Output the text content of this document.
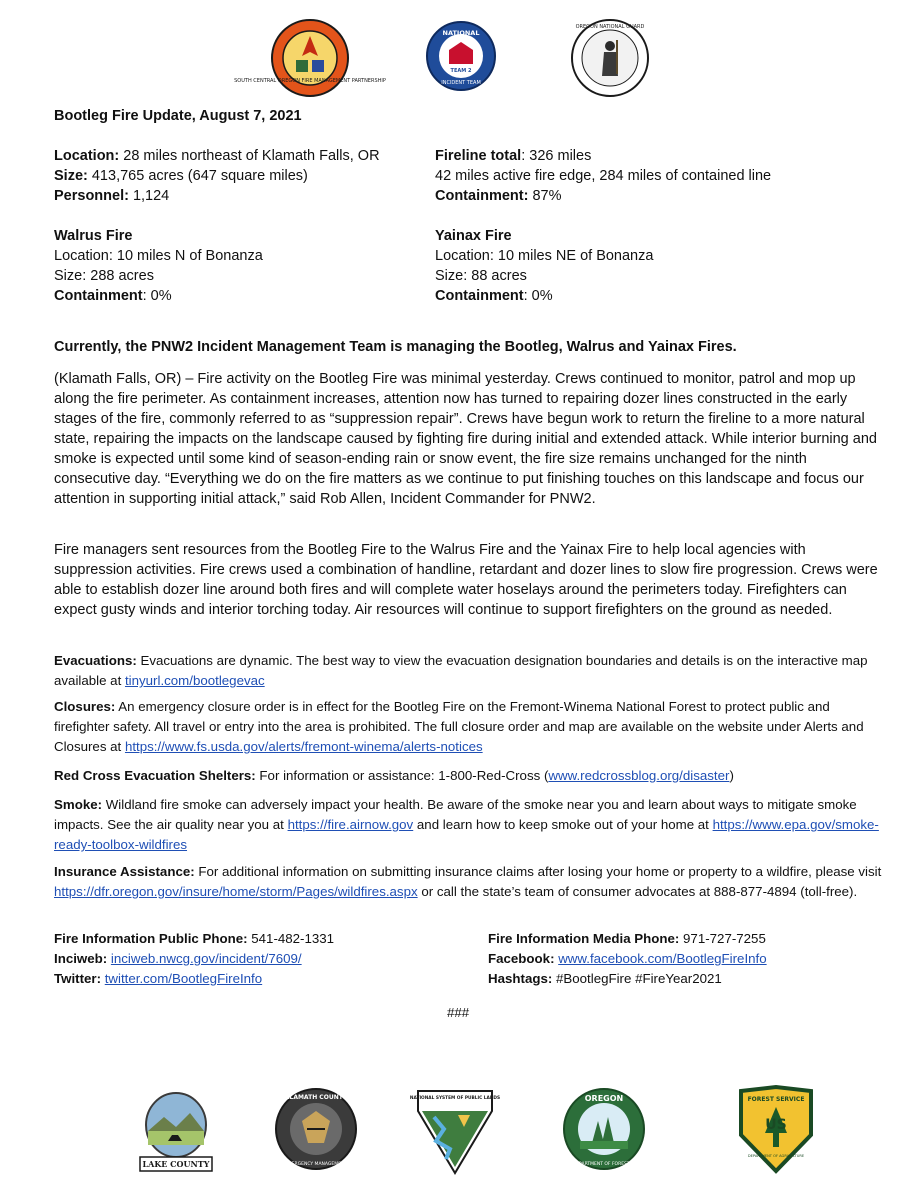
SOUTH CENTRAL OREGON FIRE MANAGEMENT PARTNERSHIP
NATIONAL
TEAM 2
INCIDENT TEAM
OREGON NATIONAL GUARD
Bootleg Fire Update, August 7, 2021
Location: 28 miles northeast of Klamath Falls, OR
Size: 413,765 acres (647 square miles)
Personnel: 1,124
Walrus Fire
Location: 10 miles N of Bonanza
Size: 288 acres
Containment: 0%
Fireline total: 326 miles
42 miles active fire edge, 284 miles of contained line
Containment: 87%
Yainax Fire
Location: 10 miles NE of Bonanza
Size: 88 acres
Containment: 0%
Currently, the PNW2 Incident Management Team is managing the Bootleg, Walrus and Yainax Fires.
(Klamath Falls, OR) – Fire activity on the Bootleg Fire was minimal yesterday. Crews continued to monitor, patrol and mop up along the fire perimeter. As containment increases, attention now has turned to repairing dozer lines constructed in the early stages of the fire, commonly referred to as “suppression repair”. Crews have begun work to return the fireline to a more natural state, repairing the impacts on the landscape caused by fighting fire during initial and extended attack. While interior burning and smoke is expected until some kind of season-ending rain or snow event, the fire size remains unchanged for the ninth consecutive day. “Everything we do on the fire matters as we continue to put finishing touches on this landscape and focus our attention in supporting initial attack,” said Rob Allen, Incident Commander for PNW2.
Fire managers sent resources from the Bootleg Fire to the Walrus Fire and the Yainax Fire to help local agencies with suppression activities. Fire crews used a combination of handline, retardant and dozer lines to slow fire progression. Crews were able to establish dozer line around both fires and will complete water hoselays around the perimeters today. Firefighters can expect gusty winds and interior torching today. Air resources will continue to support firefighters on the ground as needed.
Evacuations: Evacuations are dynamic. The best way to view the evacuation designation boundaries and details is on the interactive map available at tinyurl.com/bootlegevac
Closures: An emergency closure order is in effect for the Bootleg Fire on the Fremont-Winema National Forest to protect public and firefighter safety. All travel or entry into the area is prohibited. The full closure order and map are available on the website under Alerts and Closures at https://www.fs.usda.gov/alerts/fremont-winema/alerts-notices
Red Cross Evacuation Shelters: For information or assistance: 1-800-Red-Cross (www.redcrossblog.org/disaster)
Smoke: Wildland fire smoke can adversely impact your health. Be aware of the smoke near you and learn about ways to mitigate smoke impacts. See the air quality near you at https://fire.airnow.gov and learn how to keep smoke out of your home at https://www.epa.gov/smoke-ready-toolbox-wildfires
Insurance Assistance: For additional information on submitting insurance claims after losing your home or property to a wildfire, please visit https://dfr.oregon.gov/insure/home/storm/Pages/wildfires.aspx or call the state’s team of consumer advocates at 888-877-4894 (toll-free).
Fire Information Public Phone: 541-482-1331
Inciweb: inciweb.nwcg.gov/incident/7609/
Twitter: twitter.com/BootlegFireInfo
Fire Information Media Phone: 971-727-7255
Facebook: www.facebook.com/BootlegFireInfo
Hashtags: #BootlegFire #FireYear2021
###
LAKE COUNTY
KLAMATH COUNTY
EMERGENCY MANAGEMENT
NATIONAL SYSTEM OF PUBLIC LANDS	OREGON
DEPARTMENT OF FORESTRY
FOREST SERVICE
US
DEPARTMENT OF AGRICULTURE
